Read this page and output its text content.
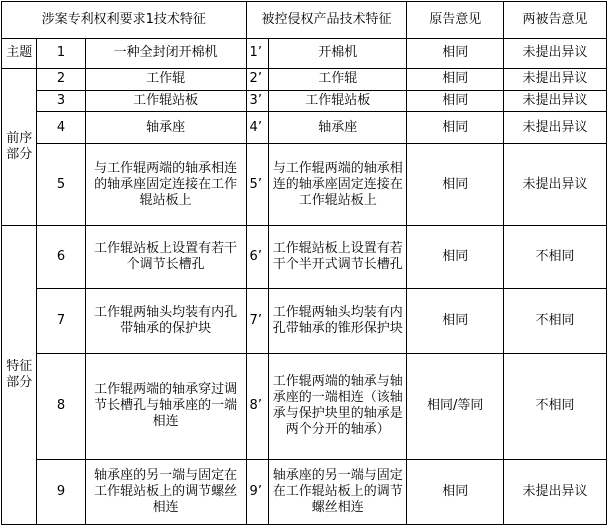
涉案专利权利要求1技术特征			被控侵权产品技术特征		原告意见	两被告意见
主题	1	一种全封闭开棉机	1’	开棉机	相同	未提出异议

前序
部分	2	工作辊	2’	工作辊	相同	未提出异议
	3	工作辊站板	3’	工作辊站板	相同	未提出异议
	4	轴承座	4’	轴承座	相同	未提出异议
	5	与工作辊两端的轴承相连的轴承座固定连接在工作辊站板上	5’	与工作辊两端的轴承相连的轴承座固定连接在工作辊站板上	相同	未提出异议

特征
部分	6	工作辊站板上设置有若干个调节长槽孔	6’	工作辊站板上设置有若干个半开式调节长槽孔	相同	不相同
	7	工作辊两轴头均装有内孔带轴承的保护块	7’	工作辊两轴头均装有内孔带轴承的锥形保护块	相同	不相同
	8	工作辊两端的轴承穿过调节长槽孔与轴承座的一端相连	8’	工作辊两端的轴承与轴承座的一端相连（该轴承与保护块里的轴承是两个分开的轴承）	相同/等同	不相同
	9	轴承座的另一端与固定在工作辊站板上的调节螺丝相连	9’	轴承座的另一端与固定在工作辊站板上的调节螺丝相连	相同	未提出异议
